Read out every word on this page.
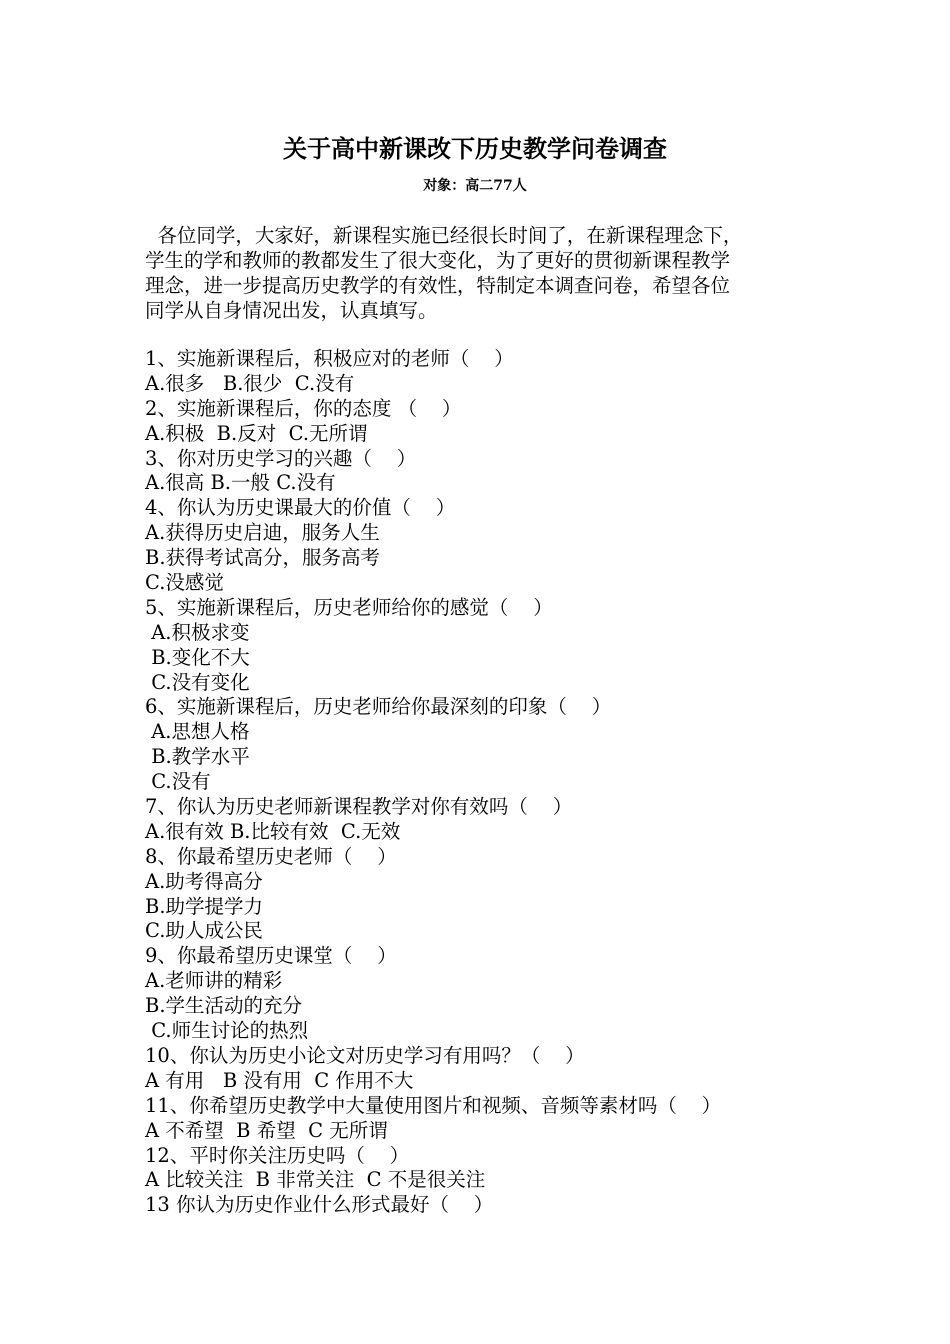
关于高中新课改下历史教学问卷调查
对象：高二77人
各位同学，大家好，新课程实施已经很长时间了，在新课程理念下，
学生的学和教师的教都发生了很大变化，为了更好的贯彻新课程教学
理念，进一步提高历史教学的有效性，特制定本调查问卷，希望各位
同学从自身情况出发，认真填写。
1、实施新课程后，积极应对的老师（    ）
A.很多   B.很少  C.没有
2、实施新课程后，你的态度 （    ）
A.积极  B.反对  C.无所谓
3、你对历史学习的兴趣（    ）
A.很高 B.一般 C.没有
4、你认为历史课最大的价值（    ）
A.获得历史启迪，服务人生
B.获得考试高分，服务高考
C.没感觉
5、实施新课程后，历史老师给你的感觉（    ）
A.积极求变
B.变化不大
C.没有变化
6、实施新课程后，历史老师给你最深刻的印象（    ）
A.思想人格
B.教学水平
C.没有
7、你认为历史老师新课程教学对你有效吗（    ）
A.很有效 B.比较有效  C.无效
8、你最希望历史老师（    ）
A.助考得高分
B.助学提学力
C.助人成公民
9、你最希望历史课堂（    ）
A.老师讲的精彩
B.学生活动的充分
C.师生讨论的热烈
10、你认为历史小论文对历史学习有用吗？（    ）
A 有用   B 没有用  C 作用不大
11、你希望历史教学中大量使用图片和视频、音频等素材吗（    ）
A 不希望  B 希望  C 无所谓
12、平时你关注历史吗（    ）
A 比较关注  B 非常关注  C 不是很关注
13 你认为历史作业什么形式最好（    ）
